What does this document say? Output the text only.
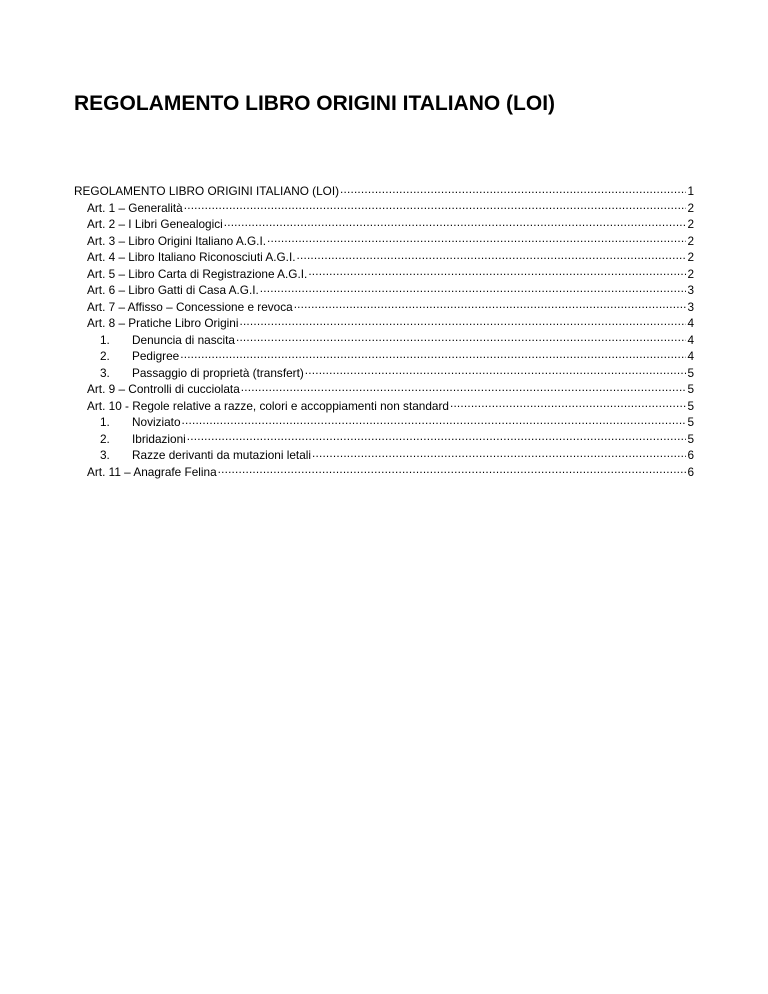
REGOLAMENTO LIBRO ORIGINI ITALIANO (LOI)
REGOLAMENTO LIBRO ORIGINI ITALIANO (LOI) .....	1
Art. 1 – Generalità .....	2
Art. 2 – I Libri Genealogici .....	2
Art. 3 – Libro Origini Italiano A.G.I. .....	2
Art. 4 – Libro Italiano Riconosciuti A.G.I. .....	2
Art. 5 – Libro Carta di Registrazione A.G.I. .....	2
Art. 6 – Libro Gatti di Casa A.G.I. .....	3
Art. 7 – Affisso – Concessione e revoca .....	3
Art. 8 – Pratiche Libro Origini .....	4
1.	Denuncia di nascita .....	4
2.	Pedigree .....	4
3.	Passaggio di proprietà (transfert) .....	5
Art. 9 – Controlli di cucciolata .....	5
Art. 10 - Regole relative a razze, colori e accoppiamenti non standard .....	5
1.	Noviziato .....	5
2.	Ibridazioni .....	5
3.	Razze derivanti da mutazioni letali .....	6
Art. 11 – Anagrafe Felina .....	6
